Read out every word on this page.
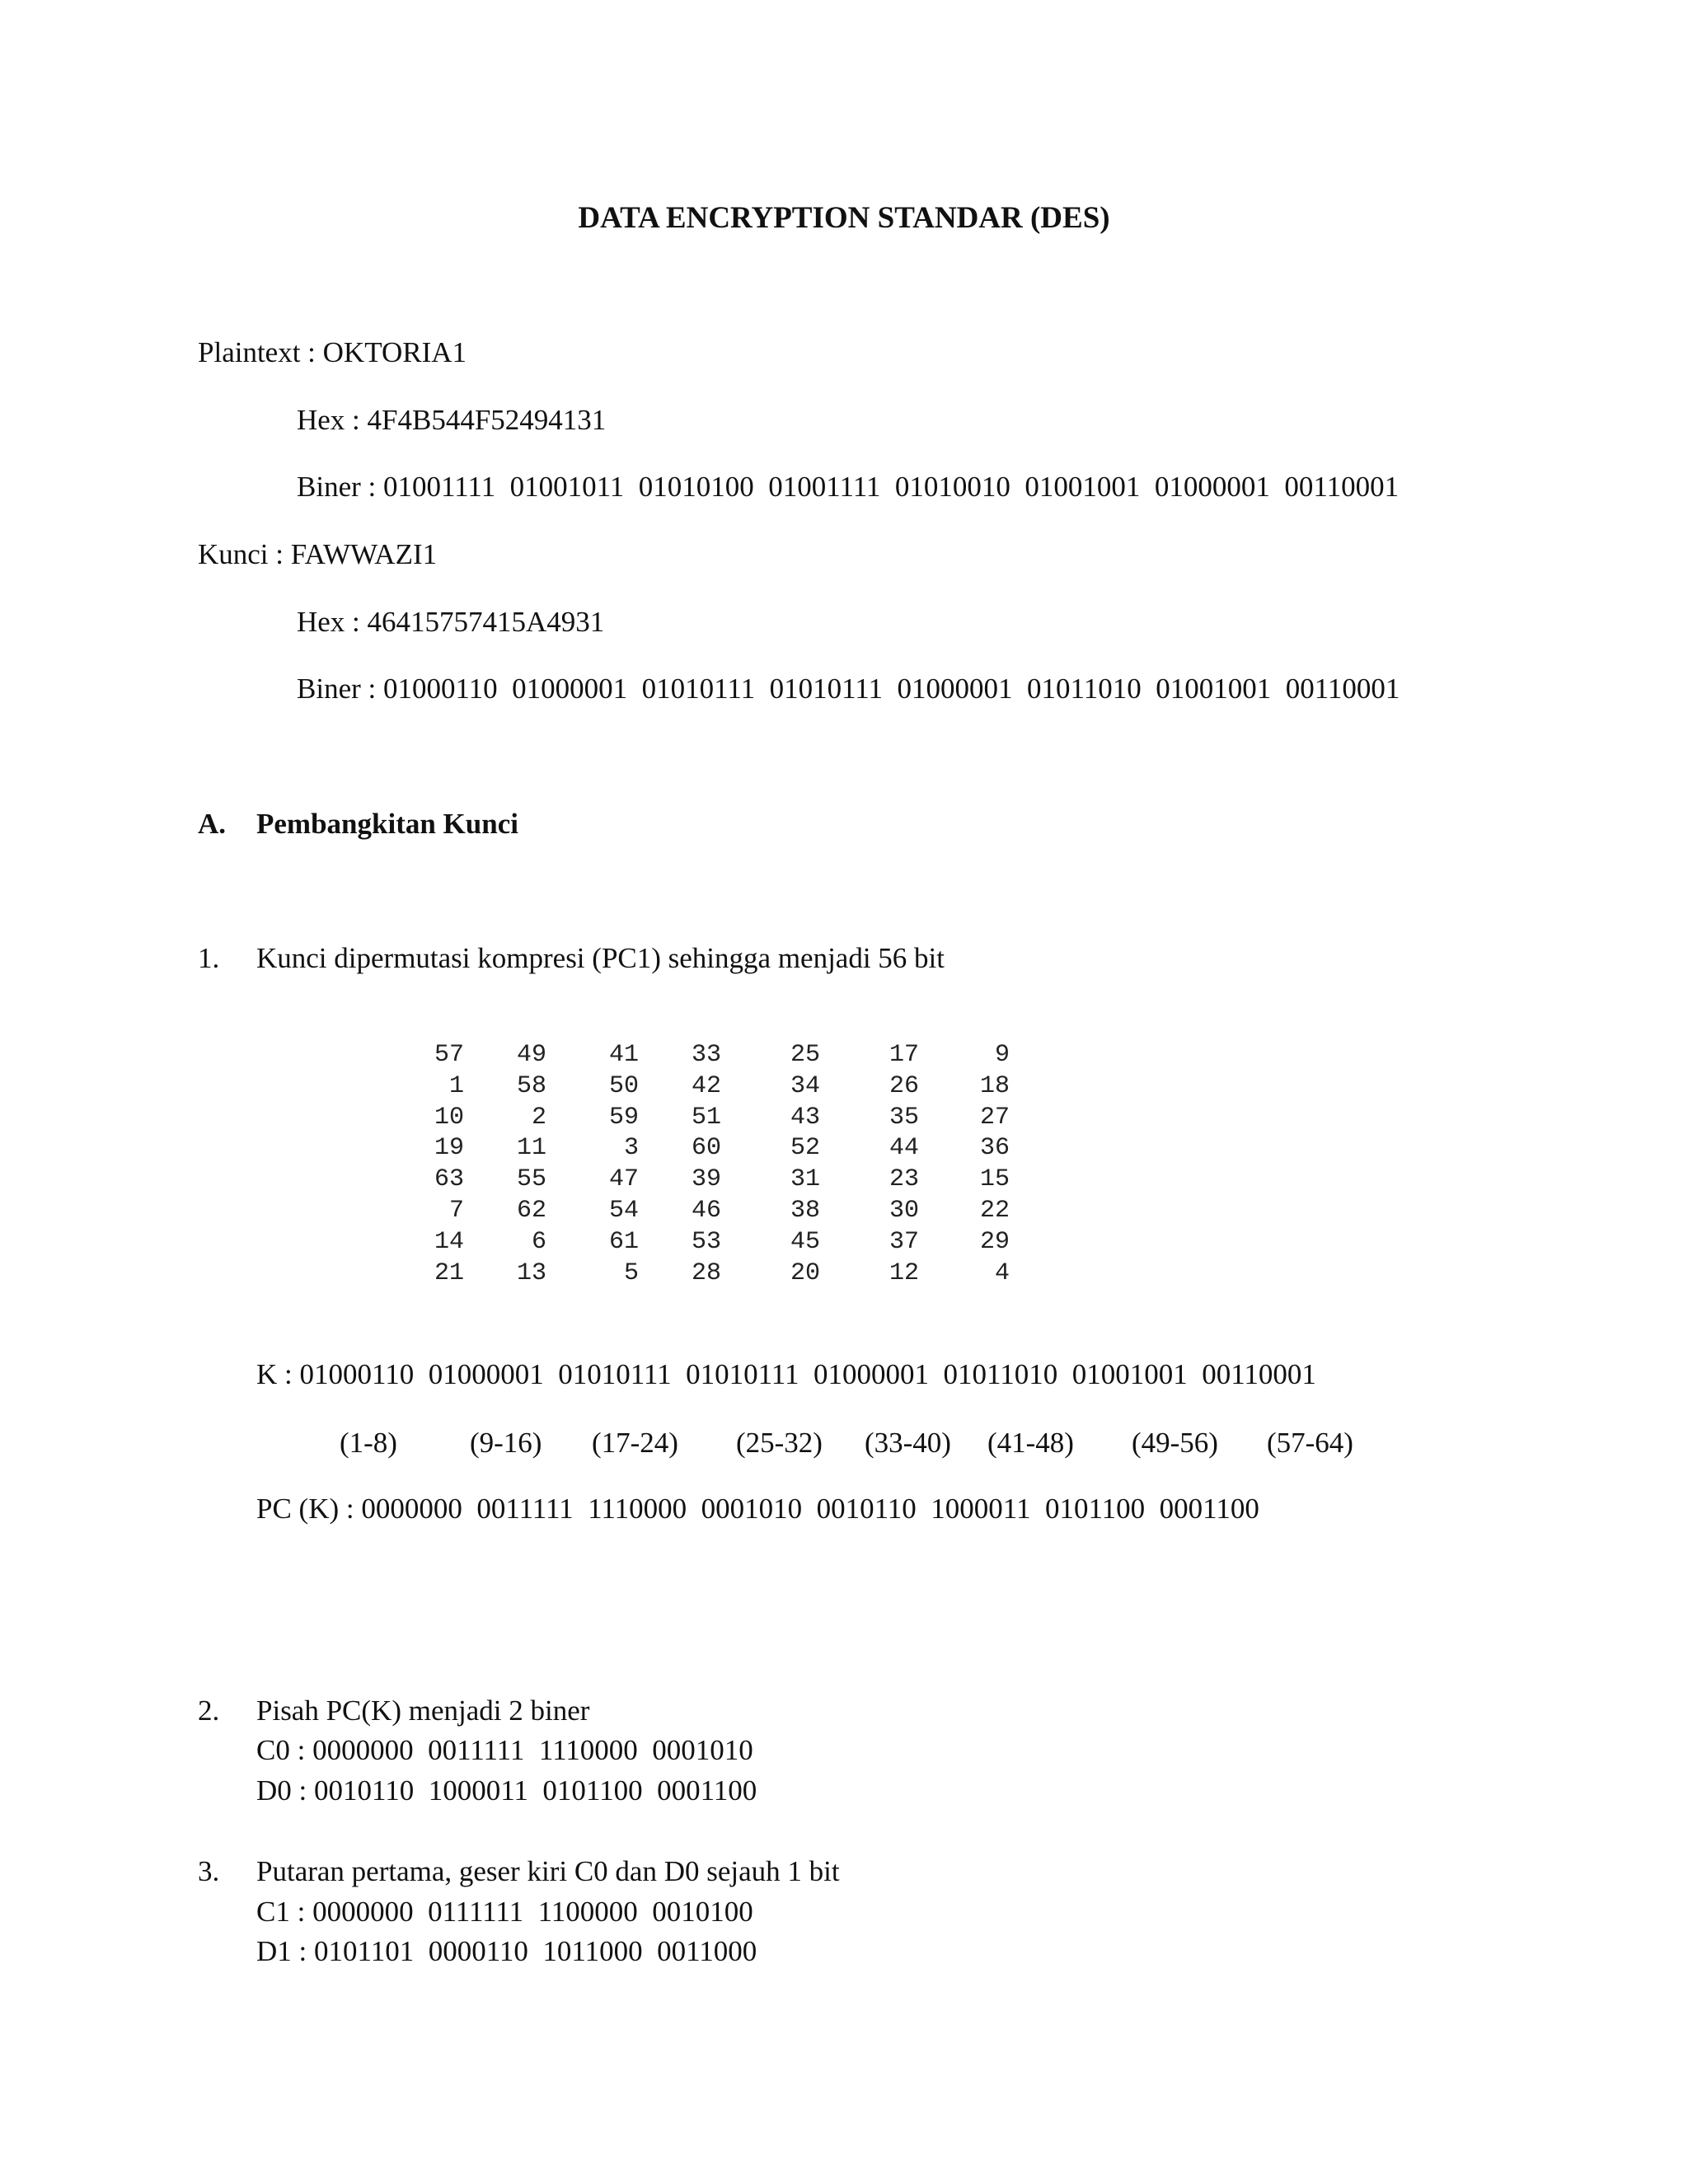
DATA ENCRYPTION STANDAR (DES)
Plaintext : OKTORIA1
Hex : 4F4B544F52494131
Biner : 01001111  01001011  01010100  01001111  01010010  01001001  01000001  00110001
Kunci : FAWWAZI1
Hex : 46415757415A4931
Biner : 01000110  01000001  01010111  01010111  01000001  01011010  01001001  00110001
A. Pembangkitan Kunci
1. Kunci dipermutasi kompresi (PC1) sehingga menjadi 56 bit
57	49	41	33	25	17	9
1	58	50	42	34	26	18
10	2	59	51	43	35	27
19	11	3	60	52	44	36
63	55	47	39	31	23	15
7	62	54	46	38	30	22
14	6	61	53	45	37	29
21	13	5	28	20	12	4
K : 01000110  01000001  01010111  01010111  01000001  01011010  01001001  00110001
(1-8)	(9-16) (17-24) (25-32) (33-40) (41-48) (49-56) (57-64)
PC (K) : 0000000  0011111  1110000  0001010  0010110  1000011  0101100  0001100
2. Pisah PC(K) menjadi 2 biner
C0 : 0000000  0011111  1110000  0001010
D0 : 0010110  1000011  0101100  0001100
3. Putaran pertama, geser kiri C0 dan D0 sejauh 1 bit
C1 : 0000000  0111111  1100000  0010100
D1 : 0101101  0000110  1011000  0011000
